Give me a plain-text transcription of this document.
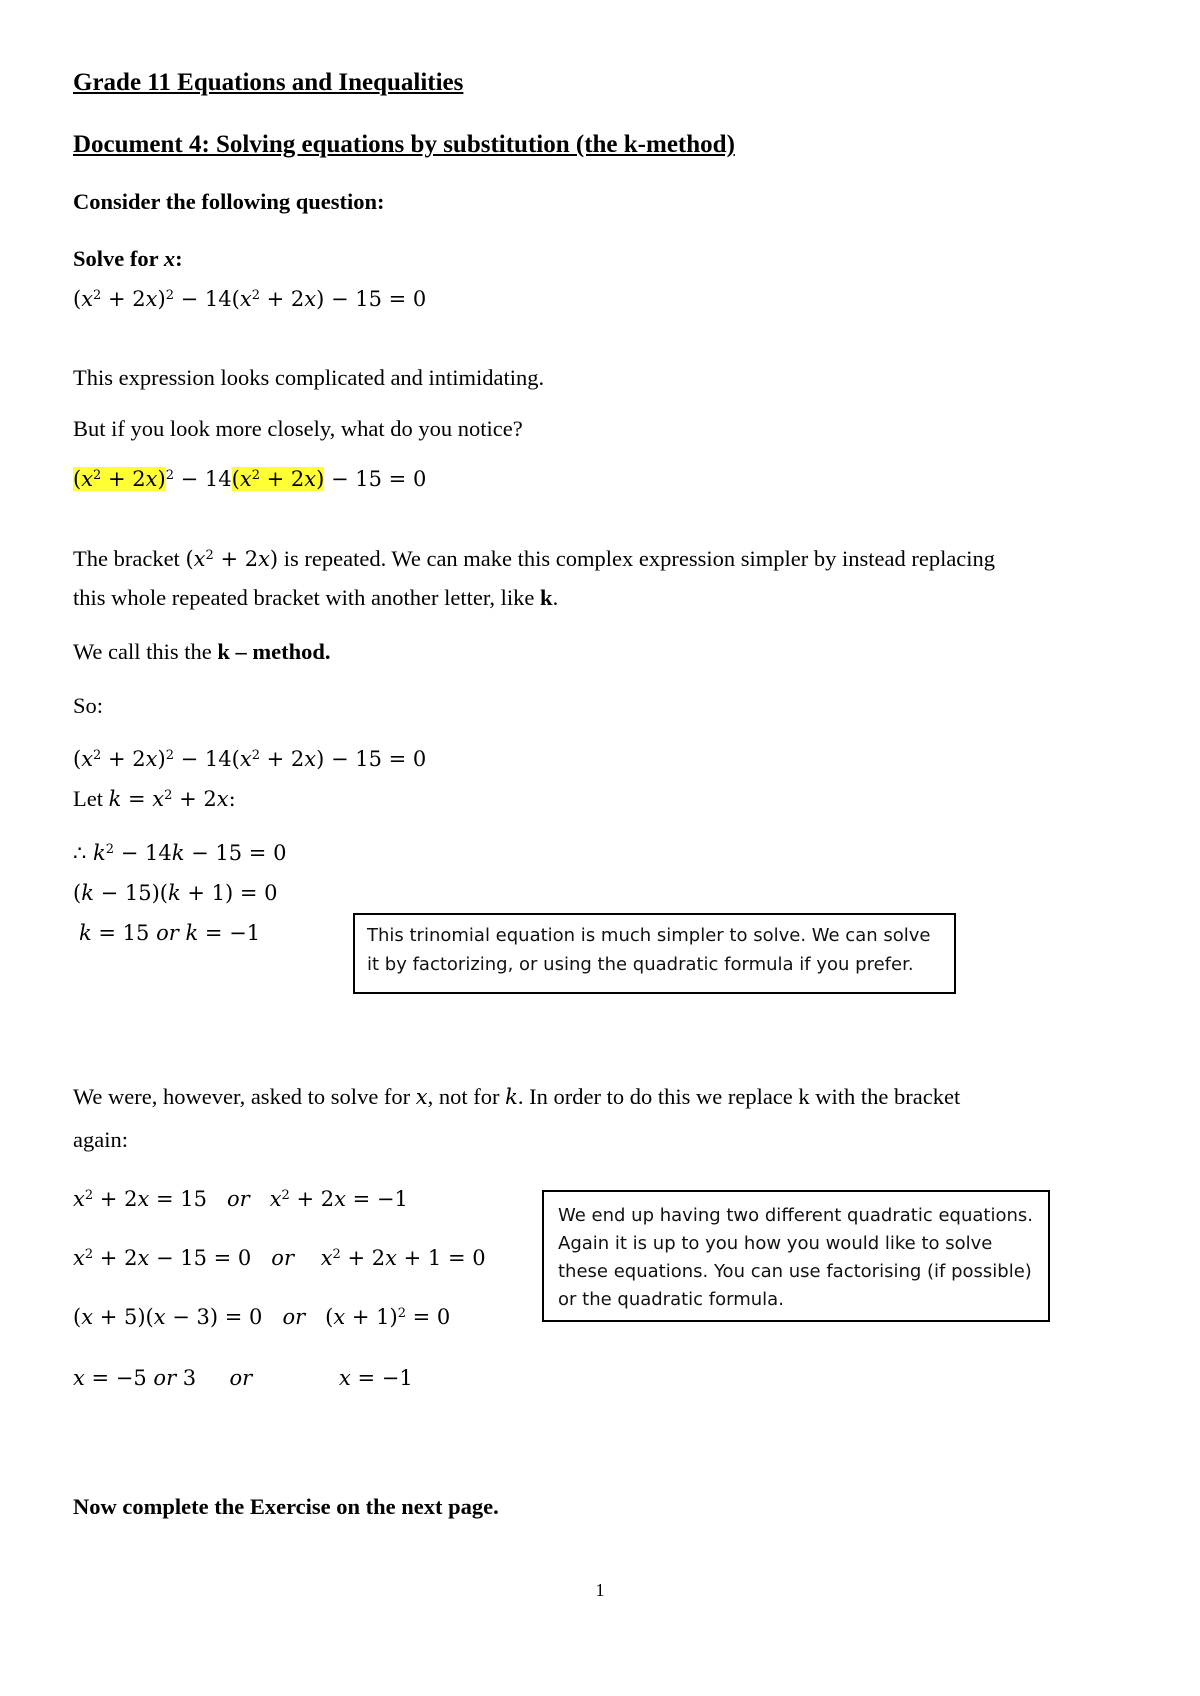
Grade 11 Equations and Inequalities
Document 4: Solving equations by substitution (the k-method)
Consider the following question:
Solve for x:
$(x^2 + 2x)^2 - 14(x^2 + 2x) - 15 = 0$
This expression looks complicated and intimidating.
But if you look more closely, what do you notice?
$(x^2 + 2x)^2 - 14(x^2 + 2x) - 15 = 0$
The bracket $(x^2 + 2x)$ is repeated. We can make this complex expression simpler by instead replacing
this whole repeated bracket with another letter, like k.
We call this the k – method.
So:
$(x^2 + 2x)^2 - 14(x^2 + 2x) - 15 = 0$
Let $k = x^2 + 2x$:
∴ $k^2 - 14k - 15 = 0$
(k − 15)(k + 1) = 0
k = 15 or k = −1	This trinomial equation is much simpler to solve. We can solve it by factorizing, or using the quadratic formula if you prefer.
We were, however, asked to solve for x, not for k. In order to do this we replace k with the bracket
again:
$x^2 + 2x = 15$   or $x^2 + 2x = -1$
$x^2 + 2x - 15 = 0$   or $x^2 + 2x + 1 = 0$
(x + 5)(x − 3) = 0   or   $(x + 1)^2 = 0$
x = −5 or 3     or	x = −1
We end up having two different quadratic equations. Again it is up to you how you would like to solve these equations. You can use factorising (if possible) or the quadratic formula.
Now complete the Exercise on the next page.
1
